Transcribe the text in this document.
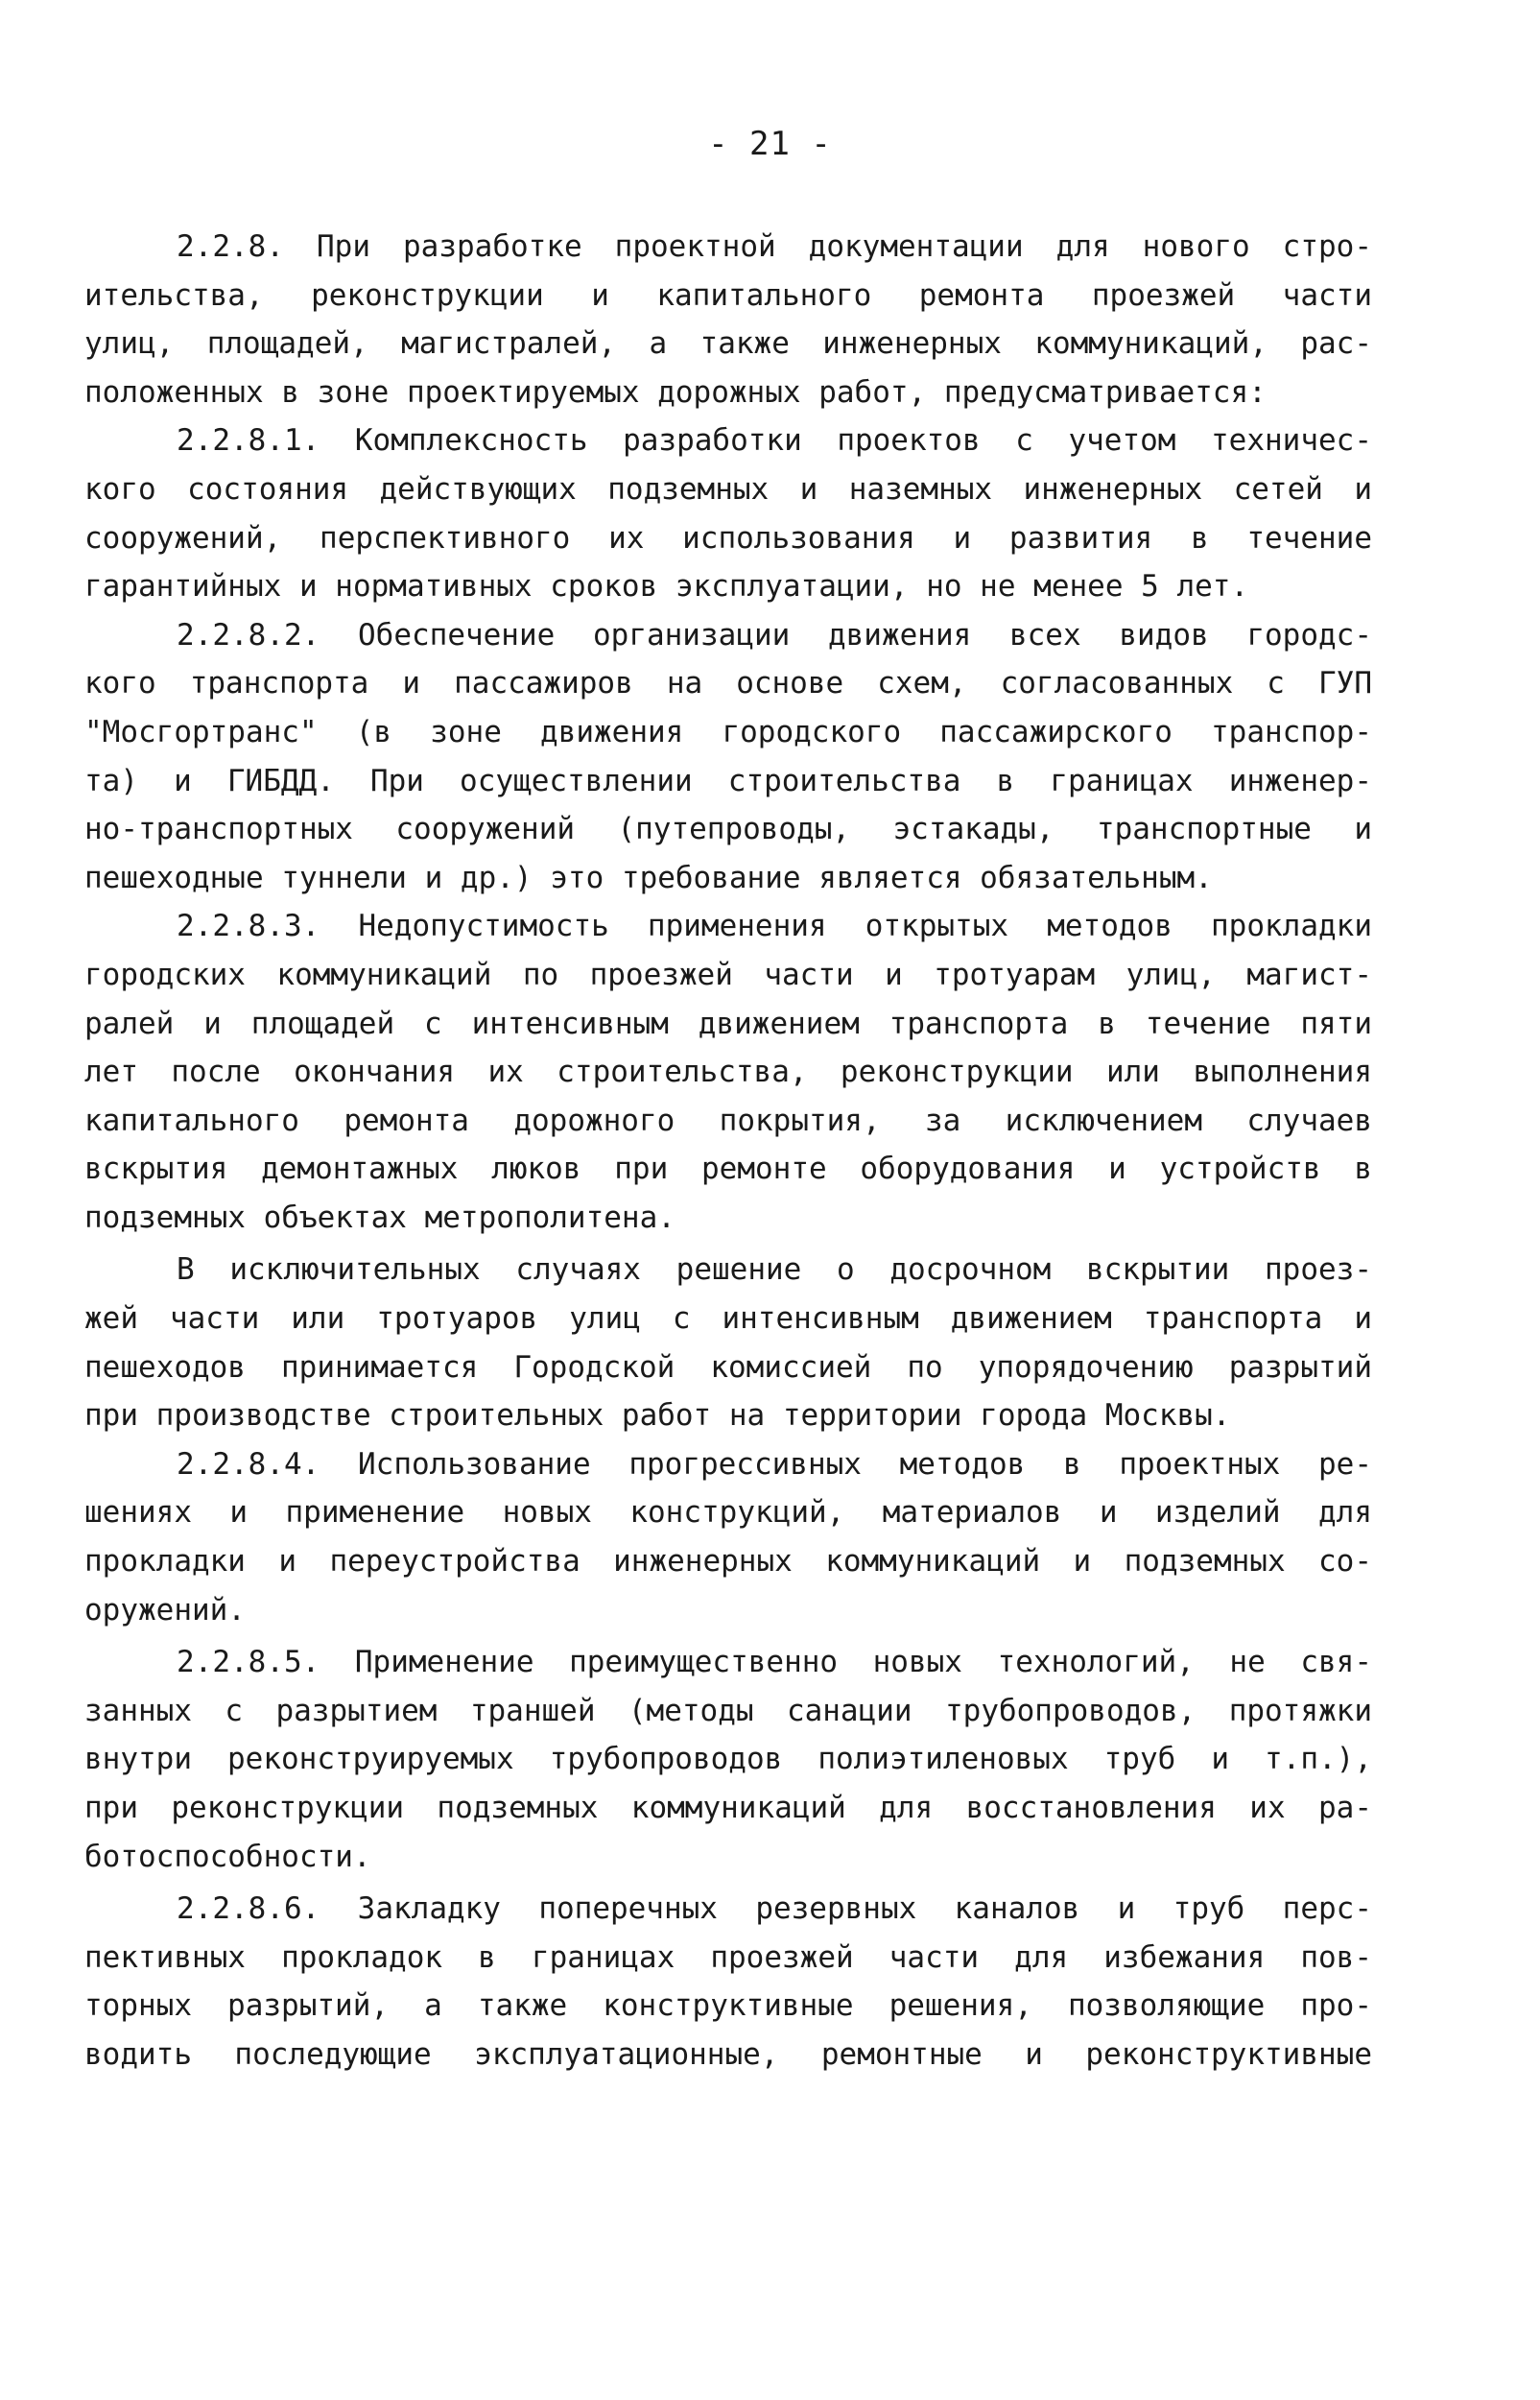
- 21 -
2.2.8. При разработке проектной документации для нового стро-
ительства, реконструкции и капитального ремонта проезжей части
улиц, площадей, магистралей, а также инженерных коммуникаций, рас-
положенных в зоне проектируемых дорожных работ, предусматривается:
2.2.8.1. Комплексность разработки проектов с учетом техничес-
кого состояния действующих подземных и наземных инженерных сетей и
сооружений, перспективного их использования и развития в течение
гарантийных и нормативных сроков эксплуатации, но не менее 5 лет.
2.2.8.2. Обеспечение организации движения всех видов городс-
кого транспорта и пассажиров на основе схем, согласованных с ГУП
"Мосгортранс" (в зоне движения городского пассажирского транспор-
та) и ГИБДД. При осуществлении строительства в границах инженер-
но-транспортных сооружений (путепроводы, эстакады, транспортные и
пешеходные туннели и др.) это требование является обязательным.
2.2.8.3. Недопустимость применения открытых методов прокладки
городских коммуникаций по проезжей части и тротуарам улиц, магист-
ралей и площадей с интенсивным движением транспорта в течение пяти
лет после окончания их строительства, реконструкции или выполнения
капитального ремонта дорожного покрытия, за исключением случаев
вскрытия демонтажных люков при ремонте оборудования и устройств в
подземных объектах метрополитена.
В исключительных случаях решение о досрочном вскрытии проез-
жей части или тротуаров улиц с интенсивным движением транспорта и
пешеходов принимается Городской комиссией по упорядочению разрытий
при производстве строительных работ на территории города Москвы.
2.2.8.4. Использование прогрессивных методов в проектных ре-
шениях и применение новых конструкций, материалов и изделий для
прокладки и переустройства инженерных коммуникаций и подземных со-
оружений.
2.2.8.5. Применение преимущественно новых технологий, не свя-
занных с разрытием траншей (методы санации трубопроводов, протяжки
внутри реконструируемых трубопроводов полиэтиленовых труб и т.п.),
при реконструкции подземных коммуникаций для восстановления их ра-
ботоспособности.
2.2.8.6. Закладку поперечных резервных каналов и труб перс-
пективных прокладок в границах проезжей части для избежания пов-
торных разрытий, а также конструктивные решения, позволяющие про-
водить последующие эксплуатационные, ремонтные и реконструктивные
